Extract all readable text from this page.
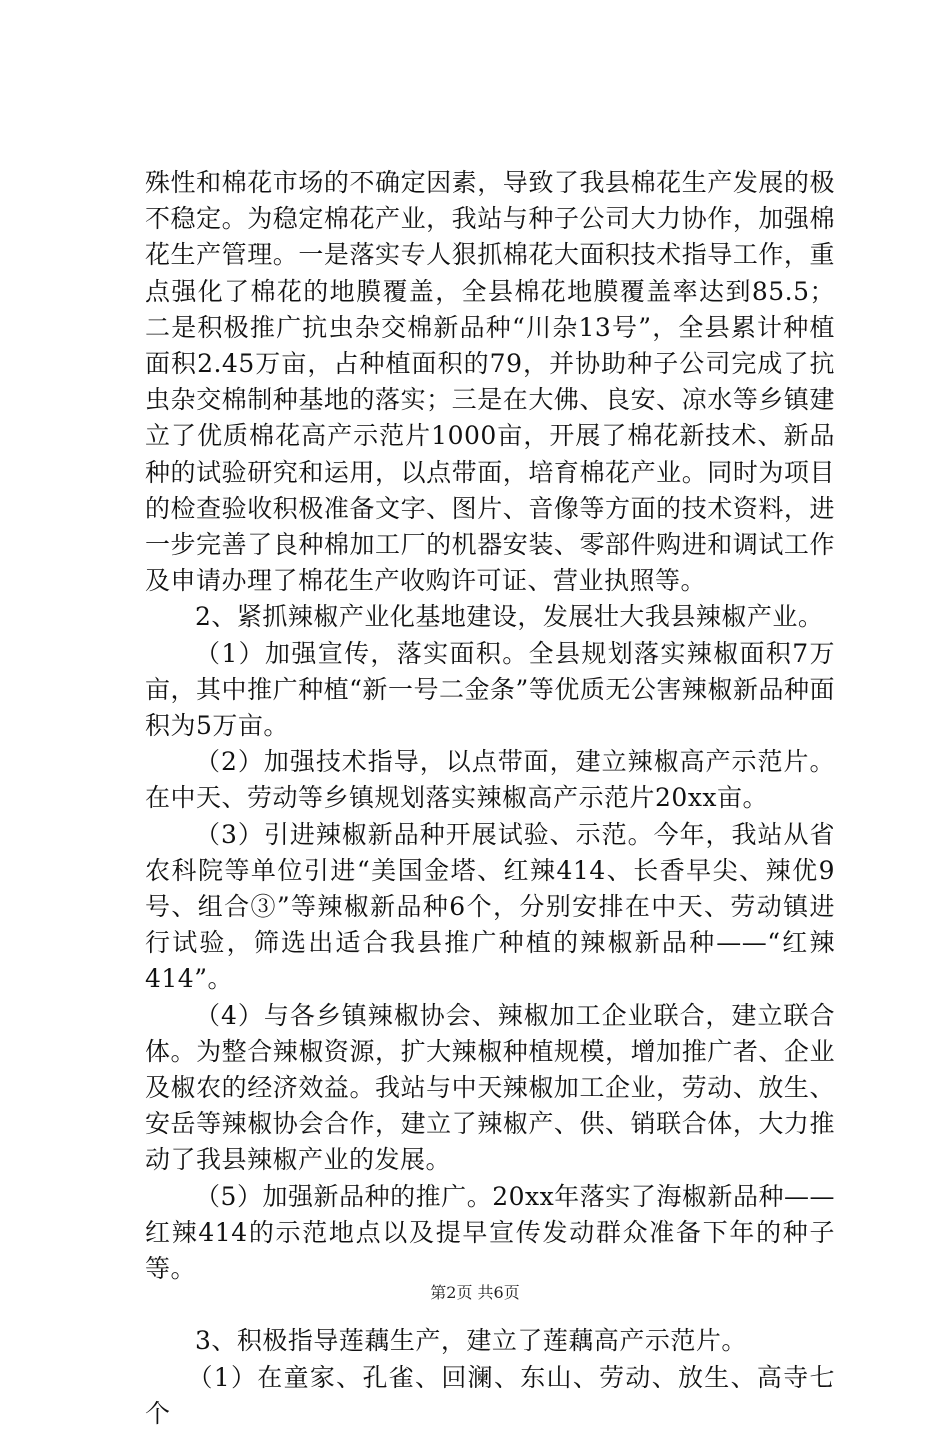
殊性和棉花市场的不确定因素，导致了我县棉花生产发展的极不稳定。为稳定棉花产业，我站与种子公司大力协作，加强棉花生产管理。一是落实专人狠抓棉花大面积技术指导工作，重点强化了棉花的地膜覆盖，全县棉花地膜覆盖率达到85.5；二是积极推广抗虫杂交棉新品种“川杂13号”，全县累计种植面积2.45万亩，占种植面积的79，并协助种子公司完成了抗虫杂交棉制种基地的落实；三是在大佛、良安、凉水等乡镇建立了优质棉花高产示范片1000亩，开展了棉花新技术、新品种的试验研究和运用，以点带面，培育棉花产业。同时为项目的检查验收积极准备文字、图片、音像等方面的技术资料，进一步完善了良种棉加工厂的机器安装、零部件购进和调试工作及申请办理了棉花生产收购许可证、营业执照等。

2、紧抓辣椒产业化基地建设，发展壮大我县辣椒产业。

（1）加强宣传，落实面积。全县规划落实辣椒面积7万亩，其中推广种植“新一号二金条”等优质无公害辣椒新品种面积为5万亩。

（2）加强技术指导，以点带面，建立辣椒高产示范片。在中天、劳动等乡镇规划落实辣椒高产示范片20xx亩。

（3）引进辣椒新品种开展试验、示范。今年，我站从省农科院等单位引进“美国金塔、红辣414、长香早尖、辣优9号、组合③”等辣椒新品种6个，分别安排在中天、劳动镇进行试验，筛选出适合我县推广种植的辣椒新品种——“红辣414”。

（4）与各乡镇辣椒协会、辣椒加工企业联合，建立联合体。为整合辣椒资源，扩大辣椒种植规模，增加推广者、企业及椒农的经济效益。我站与中天辣椒加工企业，劳动、放生、安岳等辣椒协会合作，建立了辣椒产、供、销联合体，大力推动了我县辣椒产业的发展。

（5）加强新品种的推广。20xx年落实了海椒新品种——红辣414的示范地点以及提早宣传发动群众准备下年的种子等。

3、积极指导莲藕生产，建立了莲藕高产示范片。

（1）在童家、孔雀、回澜、东山、劳动、放生、高寺七个

第2页 共6页
